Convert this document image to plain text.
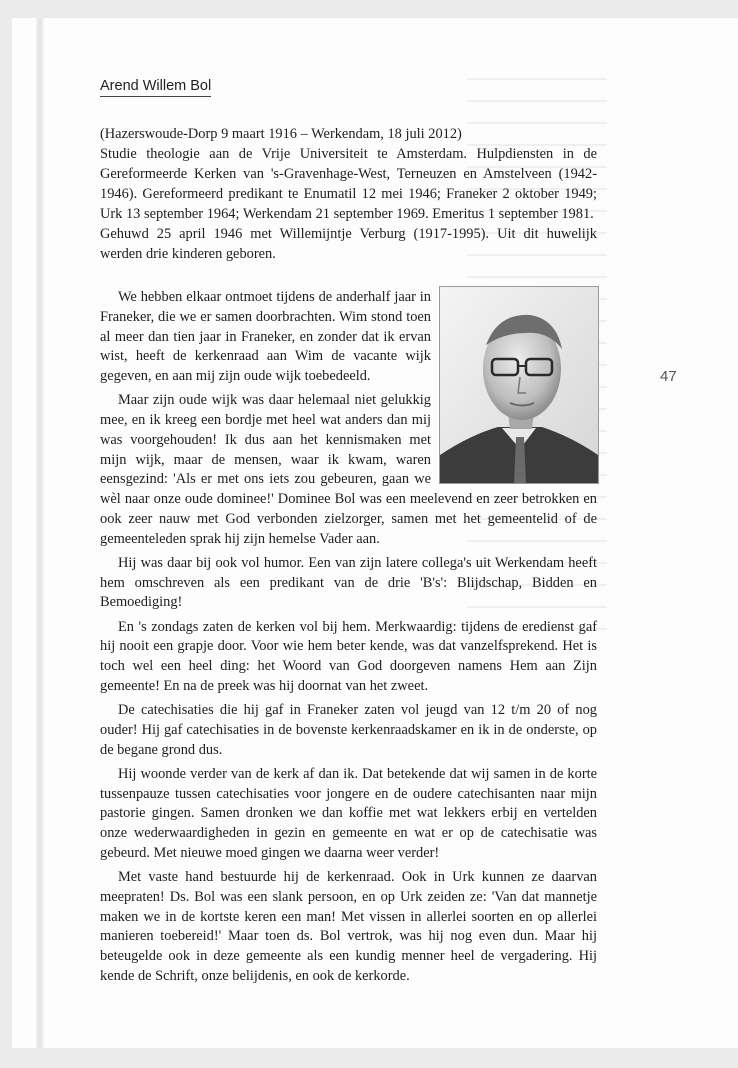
Arend Willem Bol

(Hazerswoude-Dorp 9 maart 1916 – Werkendam, 18 juli 2012)

Studie theologie aan de Vrije Universiteit te Amsterdam. Hulpdiensten in de Gereformeerde Kerken van 's-Gravenhage-West, Terneuzen en Amstelveen (1942-1946). Gereformeerd predikant te Enumatil 12 mei 1946; Franeker 2 oktober 1949; Urk 13 september 1964; Werkendam 21 september 1969. Emeritus 1 september 1981.

Gehuwd 25 april 1946 met Willemijntje Verburg (1917-1995). Uit dit huwelijk werden drie kinderen geboren.

We hebben elkaar ontmoet tijdens de anderhalf jaar in Franeker, die we er samen doorbrachten. Wim stond toen al meer dan tien jaar in Franeker, en zonder dat ik ervan wist, heeft de kerkenraad aan Wim de vacante wijk gegeven, en aan mij zijn oude wijk toebedeeld.

Maar zijn oude wijk was daar helemaal niet gelukkig mee, en ik kreeg een bordje met heel wat anders dan mij was voorgehouden! Ik dus aan het kennismaken met mijn wijk, maar de mensen, waar ik kwam, waren eensgezind: 'Als er met ons iets zou gebeuren, gaan we wèl naar onze oude dominee!' Dominee Bol was een meelevend en zeer betrokken en ook zeer nauw met God verbonden zielzorger, samen met het gemeentelid of de gemeenteleden sprak hij zijn hemelse Vader aan.

Hij was daar bij ook vol humor. Een van zijn latere collega's uit Werkendam heeft hem omschreven als een predikant van de drie 'B's': Blijdschap, Bidden en Bemoediging!

En 's zondags zaten de kerken vol bij hem. Merkwaardig: tijdens de eredienst gaf hij nooit een grapje door. Voor wie hem beter kende, was dat vanzelfsprekend. Het is toch wel een heel ding: het Woord van God doorgeven namens Hem aan Zijn gemeente! En na de preek was hij doornat van het zweet.

De catechisaties die hij gaf in Franeker zaten vol jeugd van 12 t/m 20 of nog ouder! Hij gaf catechisaties in de bovenste kerkenraadskamer en ik in de onderste, op de begane grond dus.

Hij woonde verder van de kerk af dan ik. Dat betekende dat wij samen in de korte tussenpauze tussen catechisaties voor jongere en de oudere catechisanten naar mijn pastorie gingen. Samen dronken we dan koffie met wat lekkers erbij en vertelden onze wederwaardigheden in gezin en gemeente en wat er op de catechisatie was gebeurd. Met nieuwe moed gingen we daarna weer verder!

Met vaste hand bestuurde hij de kerkenraad. Ook in Urk kunnen ze daarvan meepraten! Ds. Bol was een slank persoon, en op Urk zeiden ze: 'Van dat mannetje maken we in de kortste keren een man! Met vissen in allerlei soorten en op allerlei manieren toebereid!' Maar toen ds. Bol vertrok, was hij nog even dun. Maar hij beteugelde ook in deze gemeente als een kundig menner heel de vergadering. Hij kende de Schrift, onze belijdenis, en ook de kerkorde.

47
